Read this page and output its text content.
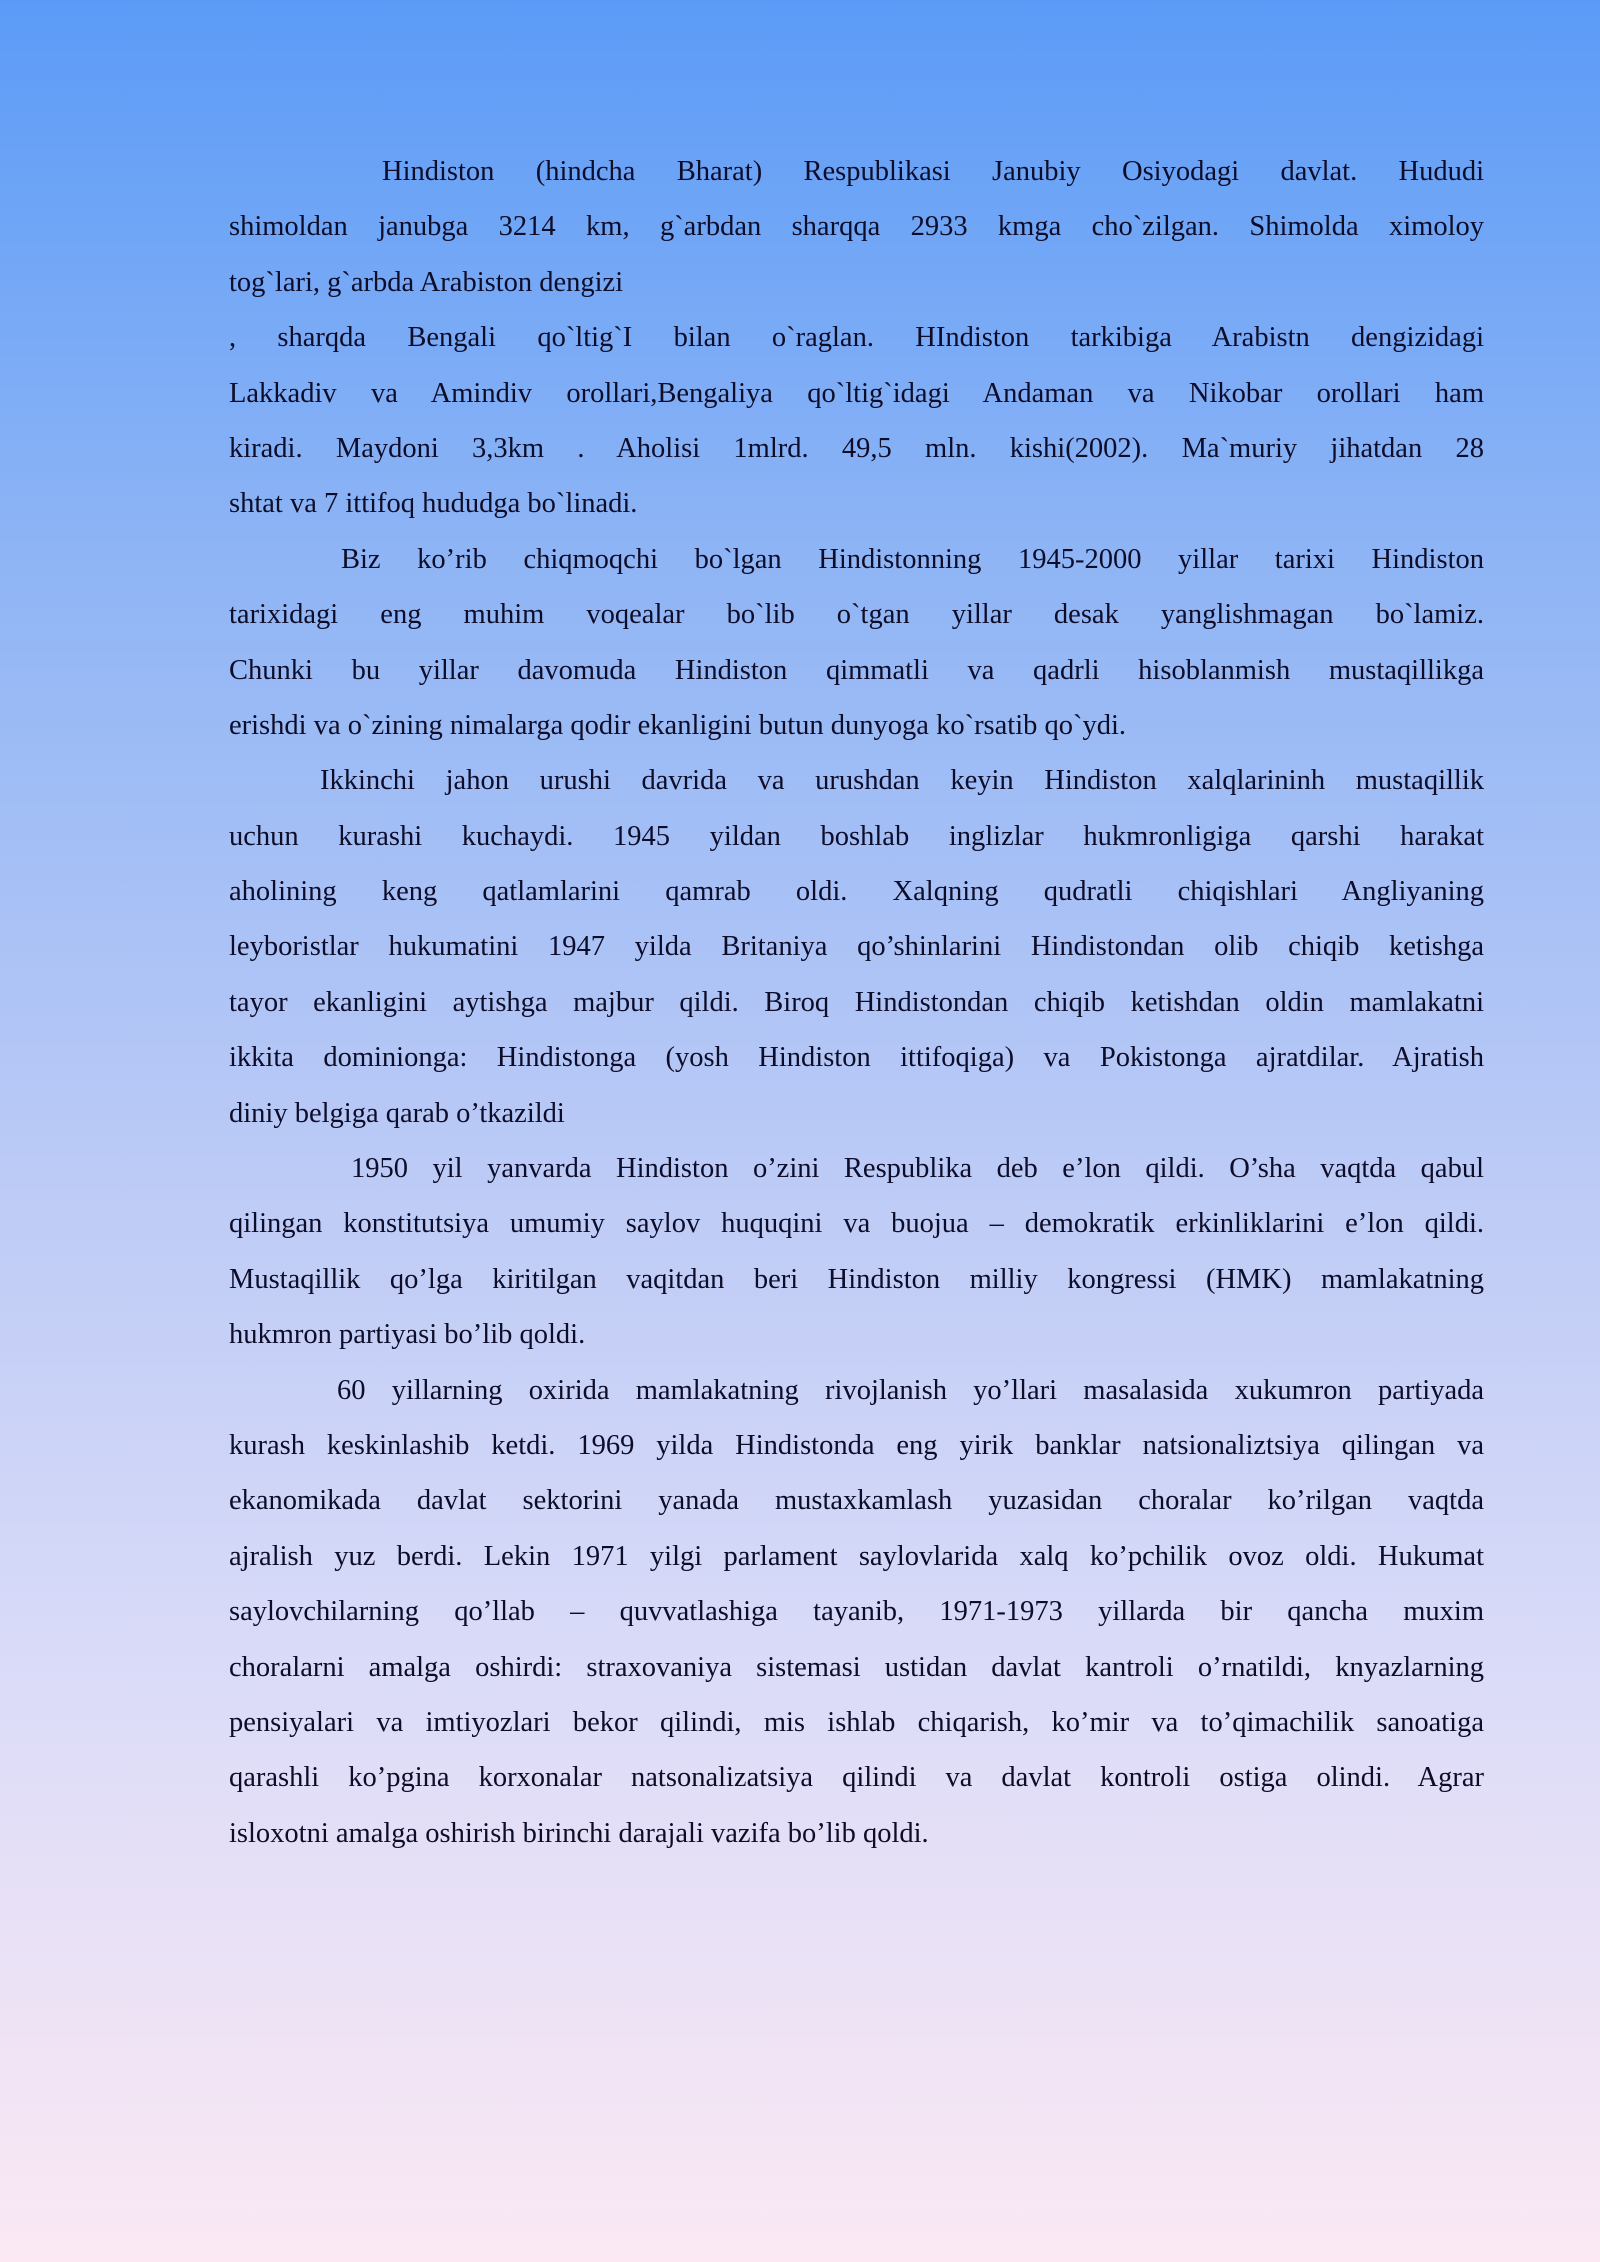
Hindiston (hindcha Bharat) Respublikasi Janubiy Osiyodagi davlat. Hududi
shimoldan janubga 3214 km, g`arbdan sharqqa 2933 kmga cho`zilgan. Shimolda ximoloy
tog`lari, g`arbda Arabiston dengizi
, sharqda Bengali qo`ltig`I bilan o`raglan. HIndiston tarkibiga Arabistn dengizidagi
Lakkadiv va Amindiv orollari,Bengaliya qo`ltig`idagi Andaman va Nikobar orollari ham
kiradi. Maydoni 3,3km . Aholisi 1mlrd. 49,5 mln. kishi(2002). Ma`muriy jihatdan 28
shtat va 7 ittifoq hududga bo`linadi.
Biz ko’rib chiqmoqchi bo`lgan Hindistonning 1945-2000 yillar tarixi Hindiston
tarixidagi eng muhim voqealar bo`lib o`tgan yillar desak yanglishmagan bo`lamiz.
Chunki bu yillar davomuda Hindiston qimmatli va qadrli hisoblanmish mustaqillikga
erishdi va o`zining nimalarga qodir ekanligini butun dunyoga ko`rsatib qo`ydi.
Ikkinchi jahon urushi davrida va urushdan keyin Hindiston xalqlarininh mustaqillik
uchun kurashi kuchaydi. 1945 yildan boshlab inglizlar hukmronligiga qarshi harakat
aholining keng qatlamlarini qamrab oldi. Xalqning qudratli chiqishlari Angliyaning
leyboristlar hukumatini 1947 yilda Britaniya qo’shinlarini Hindistondan olib chiqib ketishga
tayor ekanligini aytishga majbur qildi. Biroq Hindistondan chiqib ketishdan oldin mamlakatni
ikkita dominionga: Hindistonga (yosh Hindiston ittifoqiga) va Pokistonga ajratdilar. Ajratish
diniy belgiga qarab o’tkazildi
1950 yil yanvarda Hindiston o’zini Respublika deb e’lon qildi. O’sha vaqtda qabul
qilingan konstitutsiya umumiy saylov huquqini va buojua – demokratik erkinliklarini e’lon qildi.
Mustaqillik qo’lga kiritilgan vaqitdan beri Hindiston milliy kongressi (HMK) mamlakatning
hukmron partiyasi bo’lib qoldi.
60 yillarning oxirida mamlakatning rivojlanish yo’llari masalasida xukumron partiyada
kurash keskinlashib ketdi. 1969 yilda Hindistonda eng yirik banklar natsionaliztsiya qilingan va
ekanomikada davlat sektorini yanada mustaxkamlash yuzasidan choralar ko’rilgan vaqtda
ajralish yuz berdi. Lekin 1971 yilgi parlament saylovlarida xalq ko’pchilik ovoz oldi. Hukumat
saylovchilarning qo’llab – quvvatlashiga tayanib, 1971-1973 yillarda bir qancha muxim
choralarni amalga oshirdi: straxovaniya sistemasi ustidan davlat kantroli o’rnatildi, knyazlarning
pensiyalari va imtiyozlari bekor qilindi, mis ishlab chiqarish, ko’mir va to’qimachilik sanoatiga
qarashli ko’pgina korxonalar natsonalizatsiya qilindi va davlat kontroli ostiga olindi. Agrar
isloxotni amalga oshirish birinchi darajali vazifa bo’lib qoldi.
